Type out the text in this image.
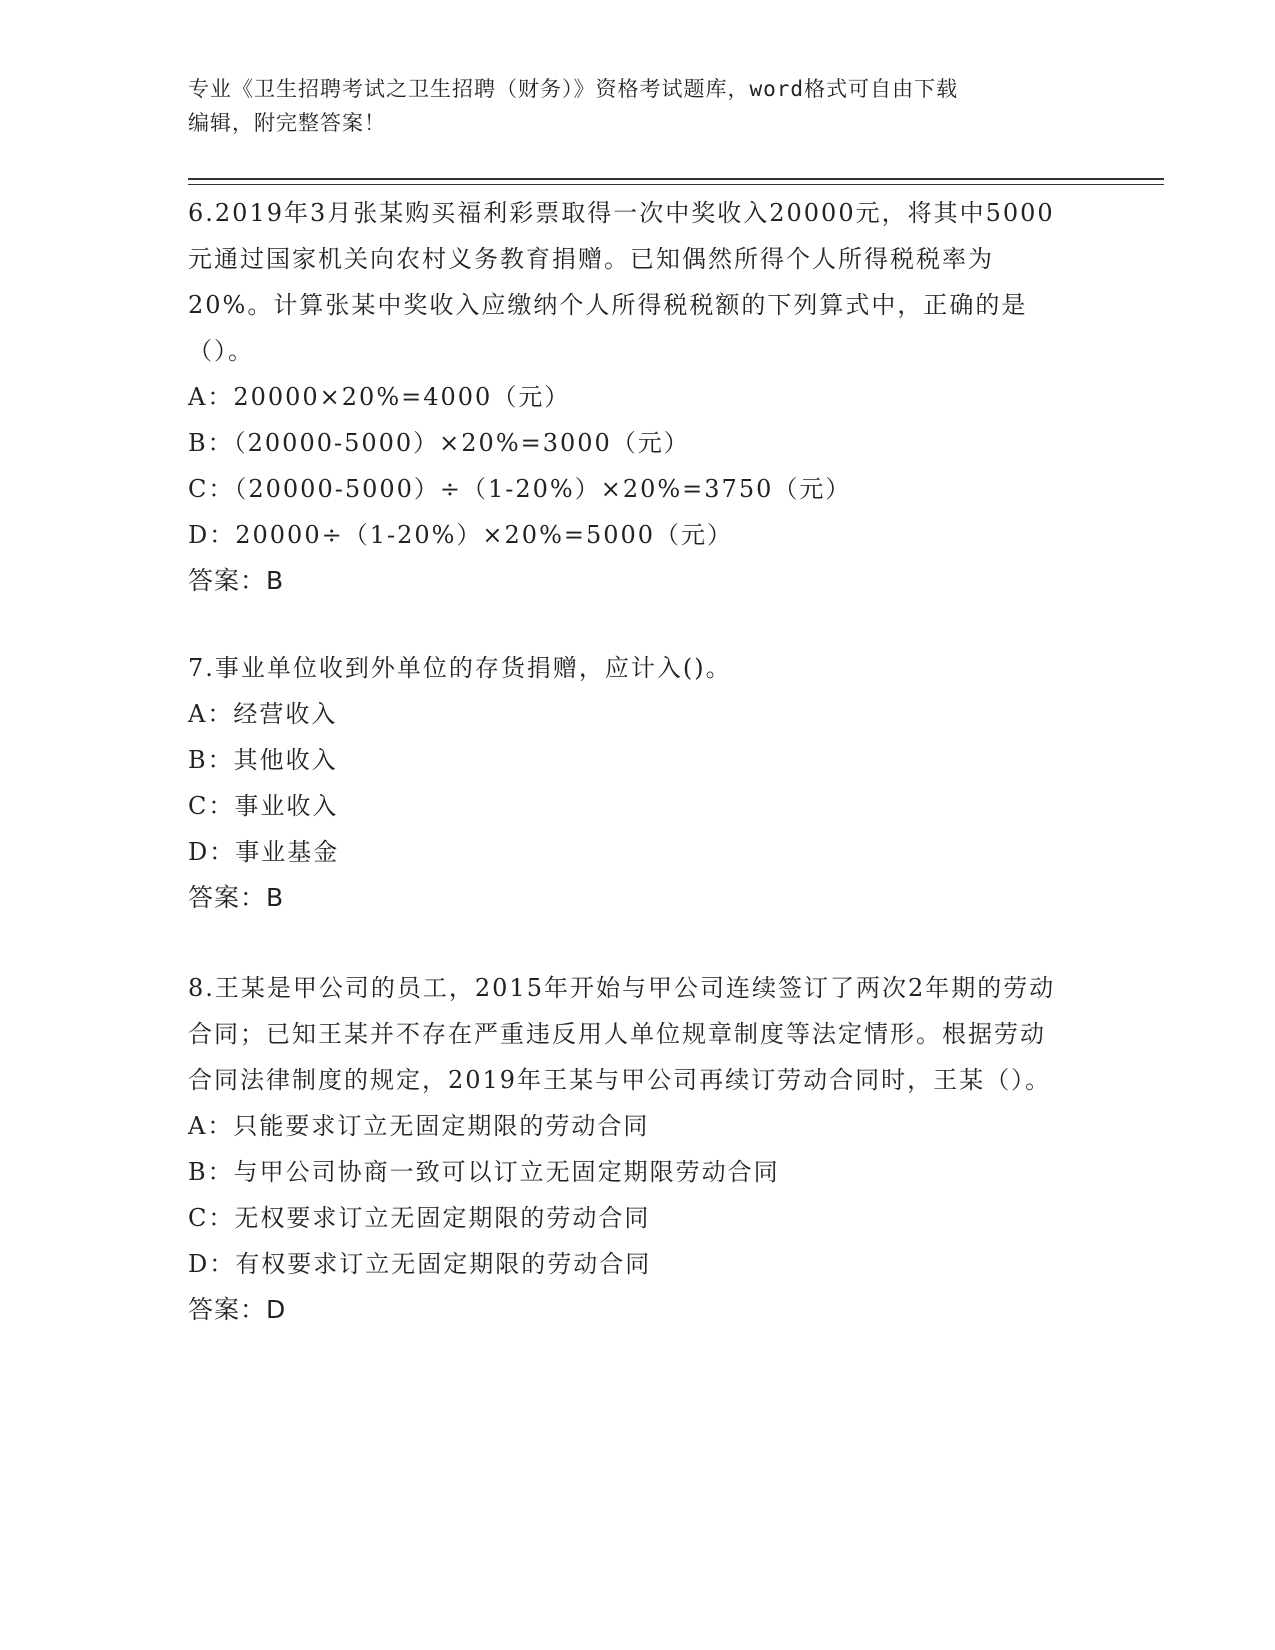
专业《卫生招聘考试之卫生招聘（财务）》资格考试题库，word格式可自由下载
编辑，附完整答案！

6.2019年3月张某购买福利彩票取得一次中奖收入20000元，将其中5000元通过国家机关向农村义务教育捐赠。已知偶然所得个人所得税税率为20%。计算张某中奖收入应缴纳个人所得税税额的下列算式中，正确的是（）。

A：20000×20%=4000（元）

B：（20000-5000）×20%=3000（元）

C：（20000-5000）÷（1-20%）×20%=3750（元）

D：20000÷（1-20%）×20%=5000（元）

答案：B

7.事业单位收到外单位的存货捐赠，应计入()。

A：经营收入

B：其他收入

C：事业收入

D：事业基金

答案：B

8.王某是甲公司的员工，2015年开始与甲公司连续签订了两次2年期的劳动合同；已知王某并不存在严重违反用人单位规章制度等法定情形。根据劳动合同法律制度的规定，2019年王某与甲公司再续订劳动合同时，王某（）。

A：只能要求订立无固定期限的劳动合同

B：与甲公司协商一致可以订立无固定期限劳动合同

C：无权要求订立无固定期限的劳动合同

D：有权要求订立无固定期限的劳动合同

答案：D
